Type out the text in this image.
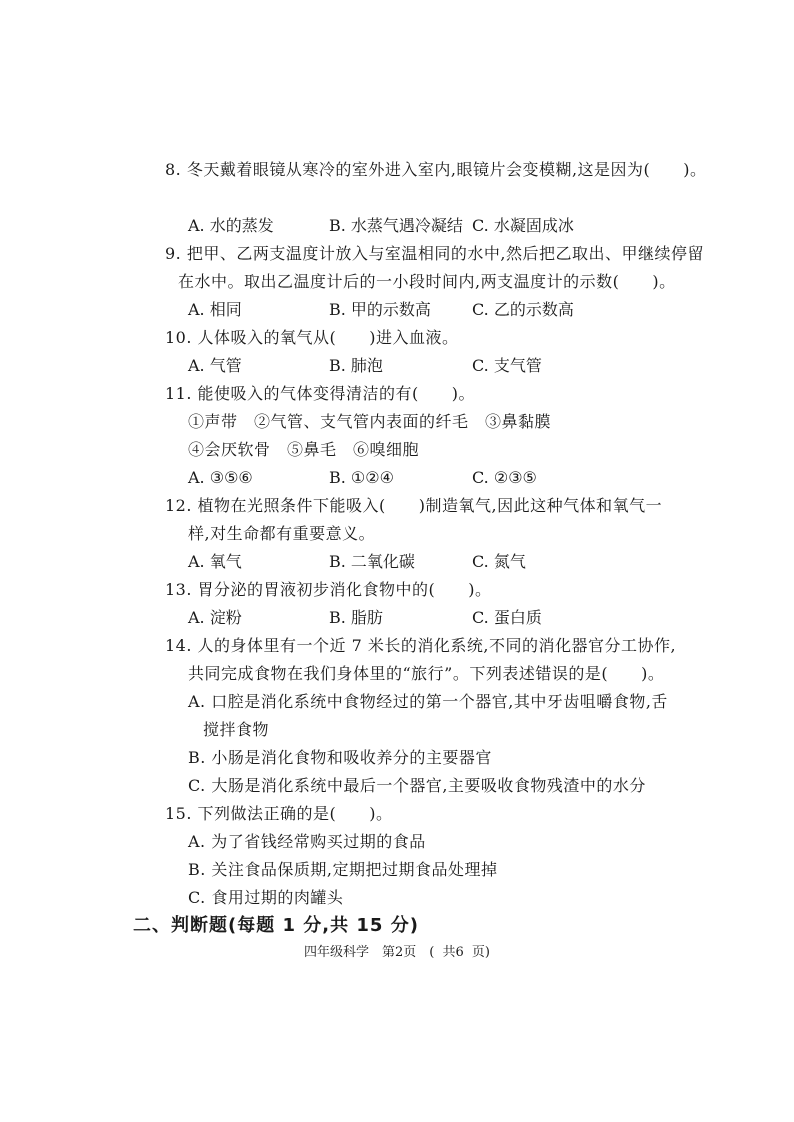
8. 冬天戴着眼镜从寒冷的室外进入室内,眼镜片会变模糊,这是因为(　　)。
A. 水的蒸发	B. 水蒸气遇冷凝结 C. 水凝固成冰
9. 把甲、乙两支温度计放入与室温相同的水中,然后把乙取出、甲继续停留
在水中。取出乙温度计后的一小段时间内,两支温度计的示数(　　)。
A. 相同	B. 甲的示数高	C. 乙的示数高
10. 人体吸入的氧气从(　　)进入血液。
A. 气管	B. 肺泡	C. 支气管
11. 能使吸入的气体变得清洁的有(　　)。
①声带　②气管、支气管内表面的纤毛　③鼻黏膜
④会厌软骨　⑤鼻毛　⑥嗅细胞
A. ③⑤⑥	B. ①②④	C. ②③⑤
12. 植物在光照条件下能吸入(　　)制造氧气,因此这种气体和氧气一
样,对生命都有重要意义。
A. 氧气	B. 二氧化碳	C. 氮气
13. 胃分泌的胃液初步消化食物中的(　　)。
A. 淀粉	B. 脂肪	C. 蛋白质
14. 人的身体里有一个近 7 米长的消化系统,不同的消化器官分工协作,
共同完成食物在我们身体里的“旅行”。下列表述错误的是(　　)。
A. 口腔是消化系统中食物经过的第一个器官,其中牙齿咀嚼食物,舌
搅拌食物
B. 小肠是消化食物和吸收养分的主要器官
C. 大肠是消化系统中最后一个器官,主要吸收食物残渣中的水分
15. 下列做法正确的是(　　)。
A. 为了省钱经常购买过期的食品
B. 关注食品保质期,定期把过期食品处理掉
C. 食用过期的肉罐头
二、判断题(每题 1 分,共 15 分)
四年级科学　第2页　( 共6 页)
